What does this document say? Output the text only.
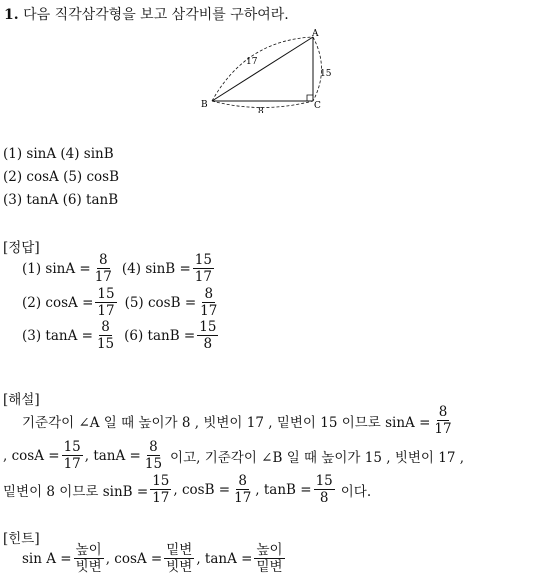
1. 다음 직각삼각형을 보고 삼각비를 구하여라.
A
B	C
17
15
8
(1) sinA (4) sinB
(2) cosA (5) cosB
(3) tanA (6) tanB
[정답]
(1) $\sin A = \frac{8}{17} (4) \sin B = \frac{15}{17}$
(2) $\cos A = \frac{15}{17} (5) \cos B = \frac{8}{17}$
(3) $\tan A = \frac{8}{15} (6) \tan B = \frac{15}{8}$
[해설]
기준각이 ∠A 일 때 높이가 8 , 빗변이 17 , 밑변이 15 이므로 $\sin A = \frac{8}{17}$
, $\cos A = \frac{15}{17}$ , $\tan A = \frac{8}{15}$ 이고, 기준각이 ∠B 일 때 높이가 15 , 빗변이 17 ,
밑변이 8 이므로 $\sin B = \frac{15}{17}$ , $\cos B = \frac{8}{17}$ , $\tan B = \frac{15}{8}$ 이다.
[힌트]
$\sin A = \frac{\text{높이}}{\text{빗변}}$ , $\cos A = \frac{\text{밑변}}{\text{빗변}}$ , $\tan A = \frac{\text{높이}}{\text{밑변}}$
